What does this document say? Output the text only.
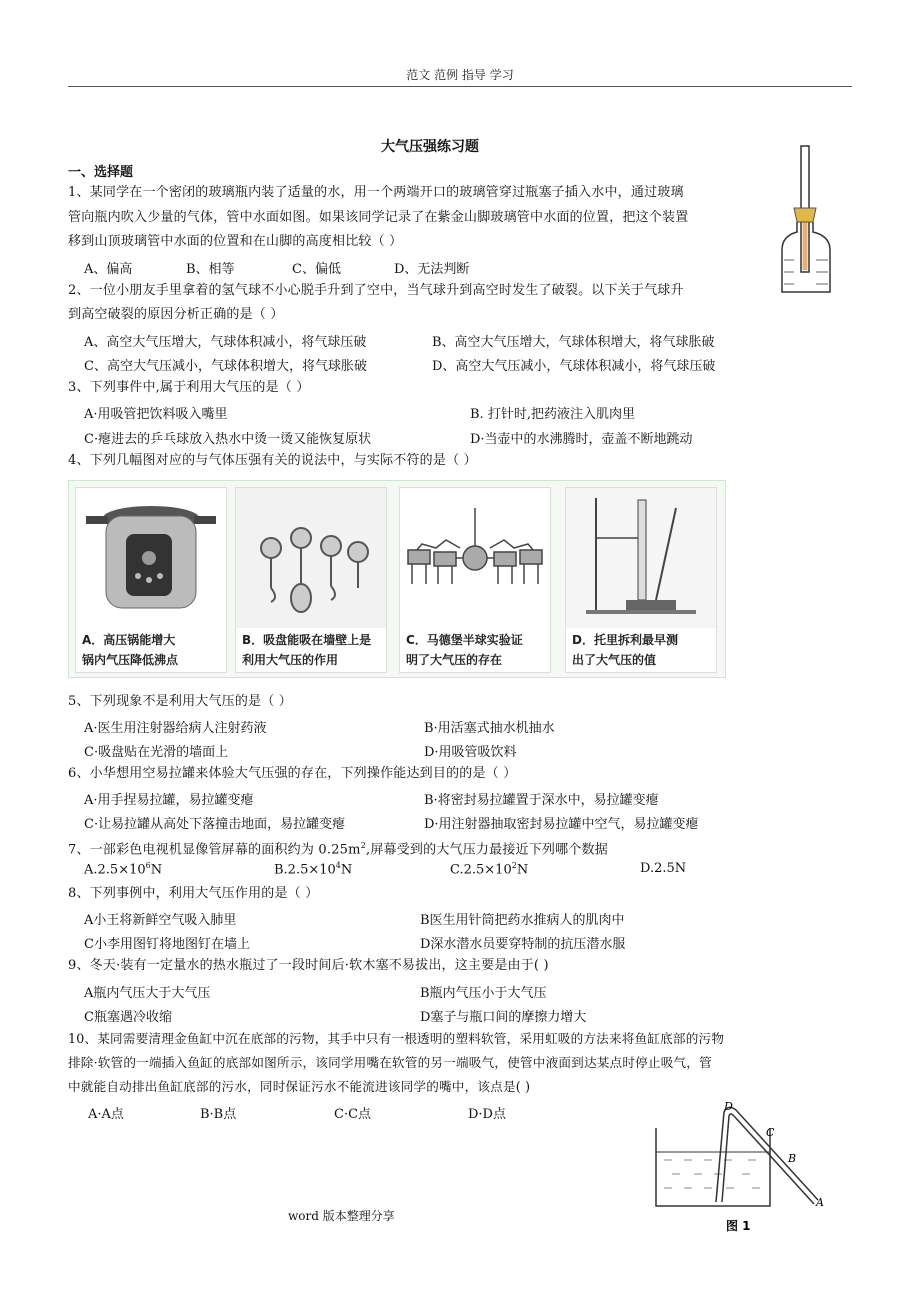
范文 范例 指导 学习
大气压强练习题
一、选择题
1、某同学在一个密闭的玻璃瓶内装了适量的水，用一个两端开口的玻璃管穿过瓶塞子插入水中，通过玻璃
管向瓶内吹入少量的气体，管中水面如图。如果该同学记录了在紫金山脚玻璃管中水面的位置，把这个装置
移到山顶玻璃管中水面的位置和在山脚的高度相比较（ ）
A、偏高	B、相等	C、偏低	D、无法判断
2、一位小朋友手里拿着的氢气球不小心脱手升到了空中，当气球升到高空时发生了破裂。以下关于气球升
到高空破裂的原因分析正确的是（ ）
A、高空大气压增大，气球体积减小，将气球压破	B、高空大气压增大，气球体积增大，将气球胀破
C、高空大气压减小，气球体积增大，将气球胀破	D、高空大气压减小，气球体积减小，将气球压破
3、下列事件中,属于利用大气压的是（ ）
A·用吸管把饮料吸入嘴里	B. 打针时,把药液注入肌肉里
C·瘪进去的乒乓球放入热水中烫一烫又能恢复原状	D·当壶中的水沸腾时，壶盖不断地跳动
4、下列几幅图对应的与气体压强有关的说法中，与实际不符的是（ ）
A．高压锅能增大
锅内气压降低沸点
B．吸盘能吸在墙壁上是
利用大气压的作用
C．马德堡半球实验证
明了大气压的存在
D．托里拆利最早测
出了大气压的值
5、下列现象不是利用大气压的是（ ）
A·医生用注射器给病人注射药液	B·用活塞式抽水机抽水
C·吸盘贴在光滑的墙面上	D·用吸管吸饮料
6、小华想用空易拉罐来体验大气压强的存在，下列操作能达到目的的是（ ）
A·用手捏易拉罐，易拉罐变瘪	B·将密封易拉罐置于深水中，易拉罐变瘪
C·让易拉罐从高处下落撞击地面，易拉罐变瘪	D·用注射器抽取密封易拉罐中空气，易拉罐变瘪
7、一部彩色电视机显像管屏幕的面积约为 $0.25m^2$,屏幕受到的大气压力最接近下列哪个数据
$A.2.5\times 10^6N$	$B.2.5\times 10^4N$	$C.2.5\times 10^2N$	D.2.5N
8、下列事例中，利用大气压作用的是（ ）
A小王将新鲜空气吸入肺里	B医生用针筒把药水推病人的肌肉中
C小李用图钉将地图钉在墙上	D深水潜水员要穿特制的抗压潜水服
9、冬天·装有一定量水的热水瓶过了一段时间后·软木塞不易拔出，这主要是由于( )
A瓶内气压大于大气压	B瓶内气压小于大气压
C瓶塞遇冷收缩	D塞子与瓶口间的摩擦力增大
10、某同需要清理金鱼缸中沉在底部的污物，其手中只有一根透明的塑料软管，采用虹吸的方法来将鱼缸底部的污物
排除·软管的一端插入鱼缸的底部如图所示，该同学用嘴在软管的另一端吸气，使管中液面到达某点时停止吸气，管
中就能自动排出鱼缸底部的污水，同时保证污水不能流进该同学的嘴中，该点是( )
A·A点	B·B点	C·C点	D·D点
D
C
B
A
图 1
word 版本整理分享
